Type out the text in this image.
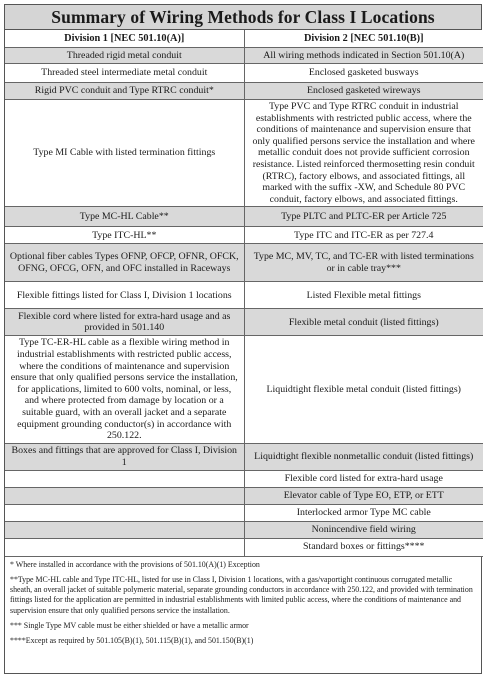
Summary of Wiring Methods for Class I Locations
Division 1 [NEC 501.10(A)]	Division 2 [NEC 501.10(B)]
Threaded rigid metal conduit	All wiring methods indicated in Section 501.10(A)
Threaded steel intermediate metal conduit	Enclosed gasketed busways
Rigid PVC conduit and Type RTRC conduit*	Enclosed gasketed wireways
Type MI Cable with listed termination fittings	Type PVC and Type RTRC conduit in industrial establishments with restricted public access, where the conditions of maintenance and supervision ensure that only qualified persons service the installation and where metallic conduit does not provide sufficient corrosion resistance. Listed reinforced thermosetting resin conduit (RTRC), factory elbows, and associated fittings, all marked with the suffix -XW, and Schedule 80 PVC conduit, factory elbows, and associated fittings.
Type MC-HL Cable**	Type PLTC and PLTC-ER per Article 725
Type ITC-HL**	Type ITC and ITC-ER as per 727.4
Optional fiber cables Types OFNP, OFCP, OFNR, OFCK, OFNG, OFCG, OFN, and OFC installed in Raceways	Type MC, MV, TC, and TC-ER with listed terminations or in cable tray***
Flexible fittings listed for Class I, Division 1 locations	Listed Flexible metal fittings
Flexible cord where listed for extra-hard usage and as provided in 501.140	Flexible metal conduit (listed fittings)
Type TC-ER-HL cable as a flexible wiring method in industrial establishments with restricted public access, where the conditions of maintenance and supervision ensure that only qualified persons service the installation, for applications, limited to 600 volts, nominal, or less, and where protected from damage by location or a suitable guard, with an overall jacket and a separate equipment grounding conductor(s) in accordance with 250.122.	Liquidtight flexible metal conduit (listed fittings)
Boxes and fittings that are approved for Class I, Division 1	Liquidtight flexible nonmetallic conduit (listed fittings)
	Flexible cord listed for extra-hard usage
	Elevator cable of Type EO, ETP, or ETT
	Interlocked armor Type MC cable
	Nonincendive field wiring
	Standard boxes or fittings****

* Where installed in accordance with the provisions of 501.10(A)(1) Exception

**Type MC-HL cable and Type ITC-HL, listed for use in Class I, Division 1 locations, with a gas/vaportight continuous corrugated metallic sheath, an overall jacket of suitable polymeric material, separate grounding conductors in accordance with 250.122, and provided with termination fittings listed for the application are permitted in industrial establishments with limited public access, where the conditions of maintenance and supervision ensure that only qualified persons service the installation.

*** Single Type MV cable must be either shielded or have a metallic armor

****Except as required by 501.105(B)(1), 501.115(B)(1), and 501.150(B)(1)
